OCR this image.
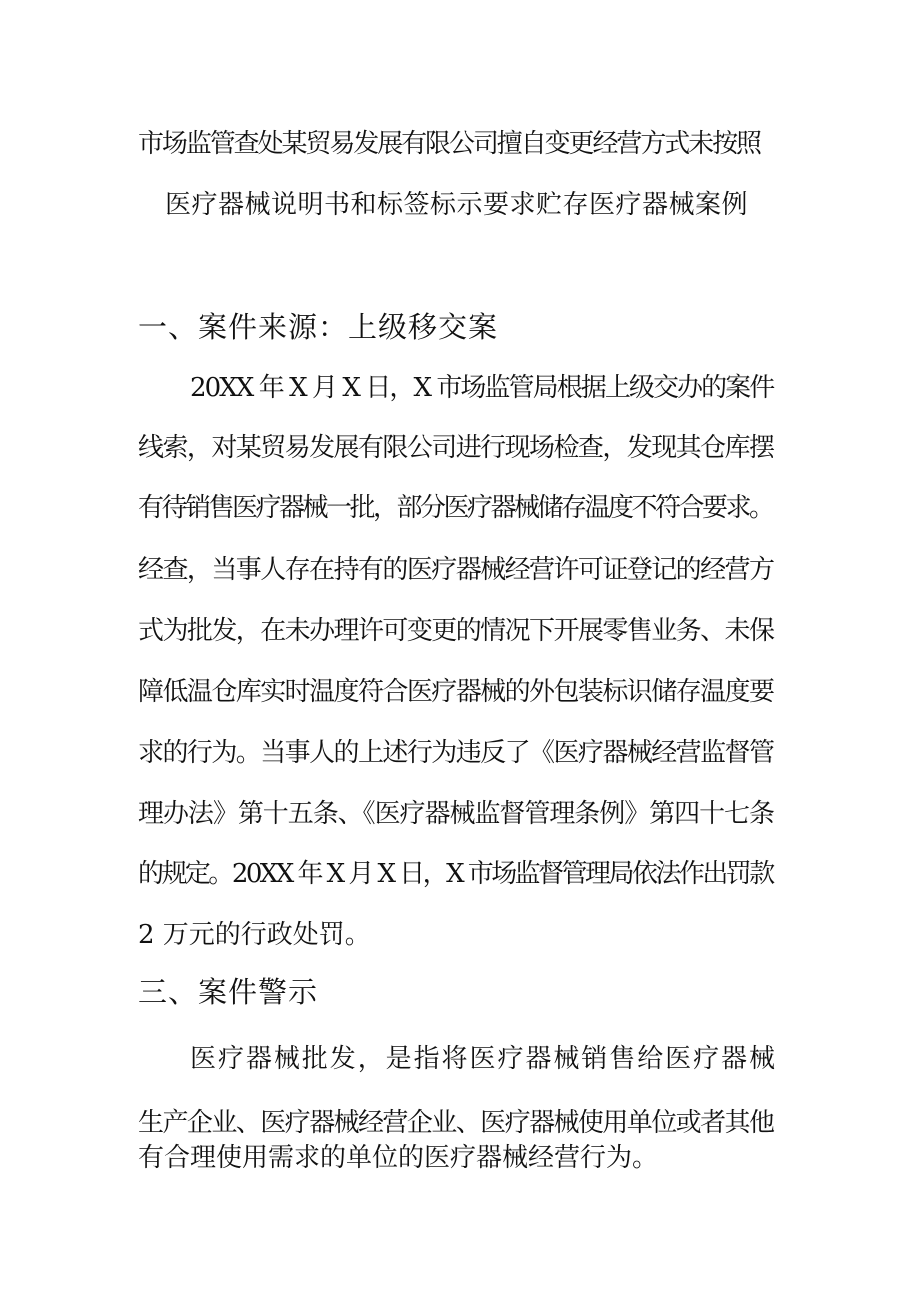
市场监管查处某贸易发展有限公司擅自变更经营方式未按照
医疗器械说明书和标签标示要求贮存医疗器械案例
一、案件来源：上级移交案
20XX 年 X 月 X 日，X 市场监管局根据上级交办的案件
线索，对某贸易发展有限公司进行现场检查，发现其仓库摆
有待销售医疗器械一批，部分医疗器械储存温度不符合要求。
经查，当事人存在持有的医疗器械经营许可证登记的经营方
式为批发，在未办理许可变更的情况下开展零售业务、未保
障低温仓库实时温度符合医疗器械的外包装标识储存温度要
求的行为。当事人的上述行为违反了《医疗器械经营监督管
理办法》第十五条、《医疗器械监督管理条例》第四十七条
的规定。20XX 年 X 月 X 日，X 市场监督管理局依法作出罚款
2 万元的行政处罚。
三、案件警示
医疗器械批发，是指将医疗器械销售给医疗器械
生产企业、医疗器械经营企业、医疗器械使用单位或者其他
有合理使用需求的单位的医疗器械经营行为。
